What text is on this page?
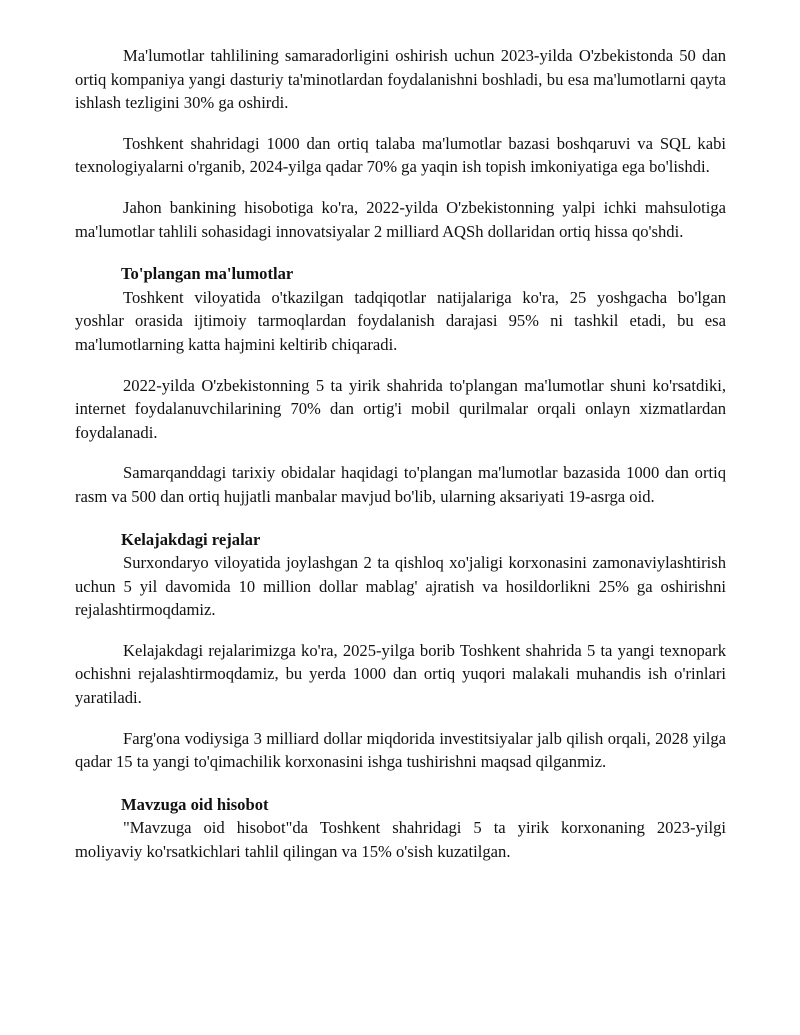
Ma'lumotlar tahlilining samaradorligini oshirish uchun 2023-yilda O'zbekistonda 50 dan ortiq kompaniya yangi dasturiy ta'minotlardan foydalanishni boshladi, bu esa ma'lumotlarni qayta ishlash tezligini 30% ga oshirdi.

Toshkent shahridagi 1000 dan ortiq talaba ma'lumotlar bazasi boshqaruvi va SQL kabi texnologiyalarni o'rganib, 2024-yilga qadar 70% ga yaqin ish topish imkoniyatiga ega bo'lishdi.

Jahon bankining hisobotiga ko'ra, 2022-yilda O'zbekistonning yalpi ichki mahsulotiga ma'lumotlar tahlili sohasidagi innovatsiyalar 2 milliard AQSh dollaridan ortiq hissa qo'shdi.

To'plangan ma'lumotlar

Toshkent viloyatida o'tkazilgan tadqiqotlar natijalariga ko'ra, 25 yoshgacha bo'lgan yoshlar orasida ijtimoiy tarmoqlardan foydalanish darajasi 95% ni tashkil etadi, bu esa ma'lumotlarning katta hajmini keltirib chiqaradi.

2022-yilda O'zbekistonning 5 ta yirik shahrida to'plangan ma'lumotlar shuni ko'rsatdiki, internet foydalanuvchilarining 70% dan ortig'i mobil qurilmalar orqali onlayn xizmatlardan foydalanadi.

Samarqanddagi tarixiy obidalar haqidagi to'plangan ma'lumotlar bazasida 1000 dan ortiq rasm va 500 dan ortiq hujjatli manbalar mavjud bo'lib, ularning aksariyati 19-asrga oid.

Kelajakdagi rejalar

Surxondaryo viloyatida joylashgan 2 ta qishloq xo'jaligi korxonasini zamonaviylashtirish uchun 5 yil davomida 10 million dollar mablag' ajratish va hosildorlikni 25% ga oshirishni rejalashtirmoqdamiz.

Kelajakdagi rejalarimizga ko'ra, 2025-yilga borib Toshkent shahrida 5 ta yangi texnopark ochishni rejalashtirmoqdamiz, bu yerda 1000 dan ortiq yuqori malakali muhandis ish o'rinlari yaratiladi.

Farg'ona vodiysiga 3 milliard dollar miqdorida investitsiyalar jalb qilish orqali, 2028 yilga qadar 15 ta yangi to'qimachilik korxonasini ishga tushirishni maqsad qilganmiz.

Mavzuga oid hisobot

"Mavzuga oid hisobot"da Toshkent shahridagi 5 ta yirik korxonaning 2023-yilgi moliyaviy ko'rsatkichlari tahlil qilingan va 15% o'sish kuzatilgan.
